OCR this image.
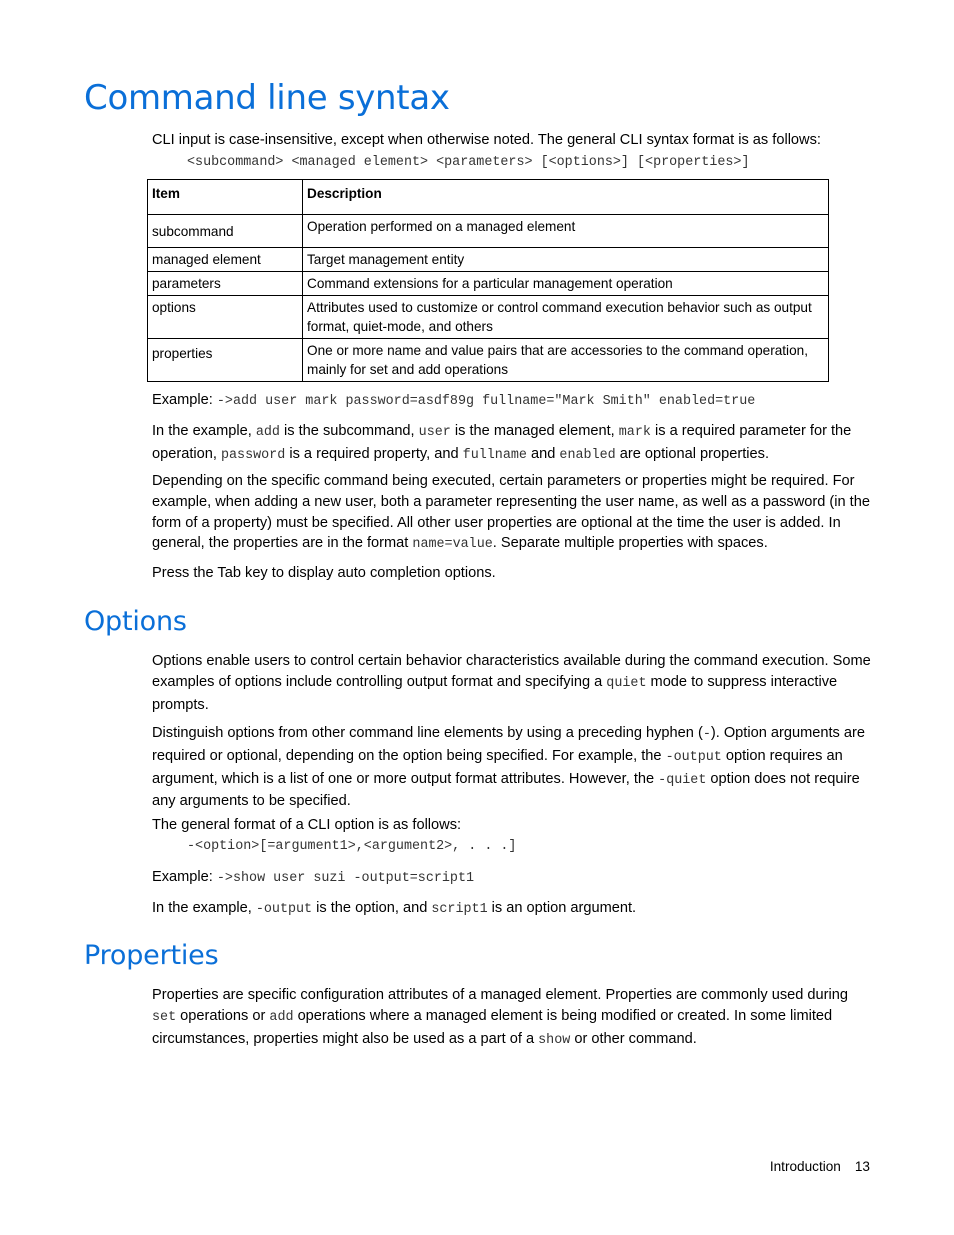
Command line syntax

CLI input is case-insensitive, except when otherwise noted. The general CLI syntax format is as follows:

<subcommand> <managed element> <parameters> [<options>] [<properties>]
Item	Description
subcommand	Operation performed on a managed element
managed element	Target management entity
parameters	Command extensions for a particular management operation
options	Attributes used to customize or control command execution behavior such as output format, quiet-mode, and others
properties	One or more name and value pairs that are accessories to the command operation, mainly for set and add operations

Example: ->add user mark password=asdf89g fullname="Mark Smith" enabled=true

In the example, add is the subcommand, user is the managed element, mark is a required parameter for the operation, password is a required property, and fullname and enabled are optional properties.

Depending on the specific command being executed, certain parameters or properties might be required. For example, when adding a new user, both a parameter representing the user name, as well as a password (in the form of a property) must be specified. All other user properties are optional at the time the user is added. In general, the properties are in the format name=value. Separate multiple properties with spaces.

Press the Tab key to display auto completion options.

Options

Options enable users to control certain behavior characteristics available during the command execution. Some examples of options include controlling output format and specifying a quiet mode to suppress interactive prompts.

Distinguish options from other command line elements by using a preceding hyphen (-). Option arguments are required or optional, depending on the option being specified. For example, the -output option requires an argument, which is a list of one or more output format attributes. However, the -quiet option does not require any arguments to be specified.

The general format of a CLI option is as follows:

-<option>[=argument1>,<argument2>, . . .]

Example: ->show user suzi -output=script1

In the example, -output is the option, and script1 is an option argument.

Properties

Properties are specific configuration attributes of a managed element. Properties are commonly used during set operations or add operations where a managed element is being modified or created. In some limited circumstances, properties might also be used as a part of a show or other command.

Introduction 13
